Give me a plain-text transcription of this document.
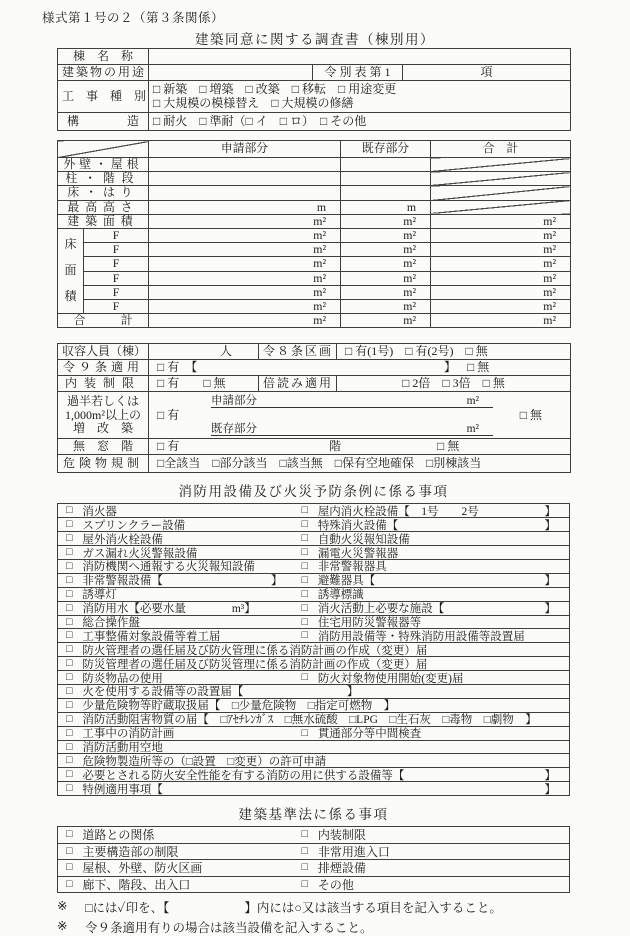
様式第１号の２（第３条関係）
建築同意に関する調査書（棟別用）
棟　名　称			
建築物の用途		令 別 表 第 1	項
工　事　種　別	□ 新築　□ 増築　□ 改築　□ 移転　□ 用途変更
□ 大規模の模様替え　□ 大規模の修繕		

構　　　　造	□ 耐火　□ 準耐（□ イ　□ ロ）　□ その他		
		申請部分	既存部分	合　計
外壁・屋根				
柱・階段				
床・はり				
最高高さ		m	m	
建築面積		m²	m²	m²

床
面
積	F	m²	m²	m²
	F	m²	m²	m²
	F	m²	m²	m²
	F	m²	m²	m²
	F	m²	m²	m²
	F	m²	m²	m²
合　　　計		m²	m²	m²
収容人員（棟）	人	令８条区画	□ 有(1号)　□ 有(2号)　□ 無
令９条適用	□ 有　【 】 □ 無		

内装制限	□ 有　　□ 無	倍読み適用	□ 2倍　□ 3倍　□ 無

過半若しくは
1,000m²以上の
増　改　築

申請部分	m²
□ 有	□ 無
既存部分	m²

無　窓　階	□ 有 階 □ 無		

危険物規制	□全該当　□部分該当　□該当無　□保有空地確保　□別棟該当		
消防用設備及び火災予防条例に係る事項
□ 消火器	□ 屋内消火栓設備【　1号　　2号	】
□ スプリンクラー設備	□ 特殊消火設備【	】
□ 屋外消火栓設備	□ 自動火災報知設備
□ ガス漏れ火災警報設備	□ 漏電火災警報器
□ 消防機関へ通報する火災報知設備	□ 非常警報器具
□ 非常警報設備【	】	□ 避難器具【	】
□ 誘導灯	□ 誘導標識
□ 消防用水【必要水量　　　　m³】	□ 消火活動上必要な施設【	】
□ 総合操作盤	□ 住宅用防災警報器等
□ 工事整備対象設備等着工届	□ 消防用設備等・特殊消防用設備等設置届
□ 防火管理者の選任届及び防火管理に係る消防計画の作成（変更）届
□ 防災管理者の選任届及び防災管理に係る消防計画の作成（変更）届
□ 防炎物品の使用	□ 防火対象物使用開始(変更)届
□ 火を使用する設備等の設置届【　　　　　　　　　】
□ 少量危険物等貯蔵取扱届【　□少量危険物　□指定可燃物　】
□ 消防活動阻害物質の届【　□ｱｾﾁﾚﾝｶﾞｽ　□無水硫酸　□LPG　□生石灰　□毒物　□劇物　】
□ 工事中の消防計画	□ 貫通部分等中間検査
□ 消防活動用空地
□ 危険物製造所等の（□設置　□変更）の許可申請
□ 必要とされる防火安全性能を有する消防の用に供する設備等【	】
□ 特例適用事項【	】
建築基準法に係る事項
□ 道路との関係	□ 内装制限
□ 主要構造部の制限	□ 非常用進入口
□ 屋根、外壁、防火区画	□ 排煙設備
□ 廊下、階段、出入口	□ その他
※	□には✓印を、【　　　　　　】内には○又は該当する項目を記入すること。
※	令９条適用有りの場合は該当設備を記入すること。
